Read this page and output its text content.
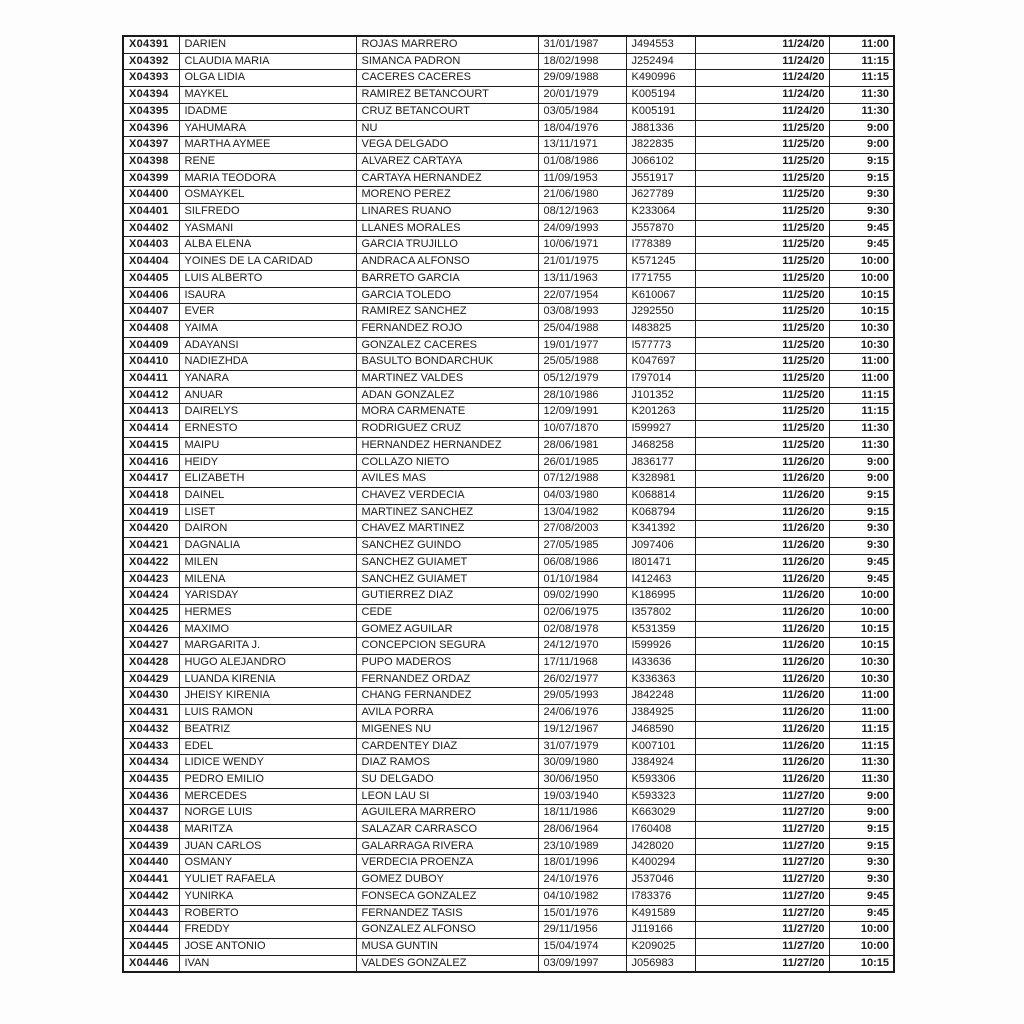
X04391	DARIEN	ROJAS MARRERO	31/01/1987	J494553	11/24/20	11:00
X04392	CLAUDIA MARIA	SIMANCA PADRON	18/02/1998	J252494	11/24/20	11:15
X04393	OLGA LIDIA	CACERES CACERES	29/09/1988	K490996	11/24/20	11:15
X04394	MAYKEL	RAMIREZ BETANCOURT	20/01/1979	K005194	11/24/20	11:30
X04395	IDADME	CRUZ BETANCOURT	03/05/1984	K005191	11/24/20	11:30
X04396	YAHUMARA	NU	18/04/1976	J881336	11/25/20	9:00
X04397	MARTHA AYMEE	VEGA DELGADO	13/11/1971	J822835	11/25/20	9:00
X04398	RENE	ALVAREZ CARTAYA	01/08/1986	J066102	11/25/20	9:15
X04399	MARIA TEODORA	CARTAYA HERNANDEZ	11/09/1953	J551917	11/25/20	9:15
X04400	OSMAYKEL	MORENO PEREZ	21/06/1980	J627789	11/25/20	9:30
X04401	SILFREDO	LINARES RUANO	08/12/1963	K233064	11/25/20	9:30
X04402	YASMANI	LLANES MORALES	24/09/1993	J557870	11/25/20	9:45
X04403	ALBA ELENA	GARCIA TRUJILLO	10/06/1971	I778389	11/25/20	9:45
X04404	YOINES DE LA CARIDAD	ANDRACA ALFONSO	21/01/1975	K571245	11/25/20	10:00
X04405	LUIS ALBERTO	BARRETO GARCIA	13/11/1963	I771755	11/25/20	10:00
X04406	ISAURA	GARCIA TOLEDO	22/07/1954	K610067	11/25/20	10:15
X04407	EVER	RAMIREZ SANCHEZ	03/08/1993	J292550	11/25/20	10:15
X04408	YAIMA	FERNANDEZ ROJO	25/04/1988	I483825	11/25/20	10:30
X04409	ADAYANSI	GONZALEZ CACERES	19/01/1977	I577773	11/25/20	10:30
X04410	NADIEZHDA	BASULTO BONDARCHUK	25/05/1988	K047697	11/25/20	11:00
X04411	YANARA	MARTINEZ VALDES	05/12/1979	I797014	11/25/20	11:00
X04412	ANUAR	ADAN GONZALEZ	28/10/1986	J101352	11/25/20	11:15
X04413	DAIRELYS	MORA CARMENATE	12/09/1991	K201263	11/25/20	11:15
X04414	ERNESTO	RODRIGUEZ CRUZ	10/07/1870	I599927	11/25/20	11:30
X04415	MAIPU	HERNANDEZ HERNANDEZ	28/06/1981	J468258	11/25/20	11:30
X04416	HEIDY	COLLAZO NIETO	26/01/1985	J836177	11/26/20	9:00
X04417	ELIZABETH	AVILES MAS	07/12/1988	K328981	11/26/20	9:00
X04418	DAINEL	CHAVEZ VERDECIA	04/03/1980	K068814	11/26/20	9:15
X04419	LISET	MARTINEZ SANCHEZ	13/04/1982	K068794	11/26/20	9:15
X04420	DAIRON	CHAVEZ MARTINEZ	27/08/2003	K341392	11/26/20	9:30
X04421	DAGNALIA	SANCHEZ GUINDO	27/05/1985	J097406	11/26/20	9:30
X04422	MILEN	SANCHEZ GUIAMET	06/08/1986	I801471	11/26/20	9:45
X04423	MILENA	SANCHEZ GUIAMET	01/10/1984	I412463	11/26/20	9:45
X04424	YARISDAY	GUTIERREZ DIAZ	09/02/1990	K186995	11/26/20	10:00
X04425	HERMES	CEDE	02/06/1975	I357802	11/26/20	10:00
X04426	MAXIMO	GOMEZ AGUILAR	02/08/1978	K531359	11/26/20	10:15
X04427	MARGARITA J.	CONCEPCION SEGURA	24/12/1970	I599926	11/26/20	10:15
X04428	HUGO ALEJANDRO	PUPO MADEROS	17/11/1968	I433636	11/26/20	10:30
X04429	LUANDA KIRENIA	FERNANDEZ ORDAZ	26/02/1977	K336363	11/26/20	10:30
X04430	JHEISY KIRENIA	CHANG FERNANDEZ	29/05/1993	J842248	11/26/20	11:00
X04431	LUIS RAMON	AVILA PORRA	24/06/1976	J384925	11/26/20	11:00
X04432	BEATRIZ	MIGENES NU	19/12/1967	J468590	11/26/20	11:15
X04433	EDEL	CARDENTEY DIAZ	31/07/1979	K007101	11/26/20	11:15
X04434	LIDICE WENDY	DIAZ RAMOS	30/09/1980	J384924	11/26/20	11:30
X04435	PEDRO EMILIO	SU DELGADO	30/06/1950	K593306	11/26/20	11:30
X04436	MERCEDES	LEON LAU SI	19/03/1940	K593323	11/27/20	9:00
X04437	NORGE LUIS	AGUILERA MARRERO	18/11/1986	K663029	11/27/20	9:00
X04438	MARITZA	SALAZAR CARRASCO	28/06/1964	I760408	11/27/20	9:15
X04439	JUAN CARLOS	GALARRAGA RIVERA	23/10/1989	J428020	11/27/20	9:15
X04440	OSMANY	VERDECIA PROENZA	18/01/1996	K400294	11/27/20	9:30
X04441	YULIET RAFAELA	GOMEZ DUBOY	24/10/1976	J537046	11/27/20	9:30
X04442	YUNIRKA	FONSECA GONZALEZ	04/10/1982	I783376	11/27/20	9:45
X04443	ROBERTO	FERNANDEZ TASIS	15/01/1976	K491589	11/27/20	9:45
X04444	FREDDY	GONZALEZ ALFONSO	29/11/1956	J119166	11/27/20	10:00
X04445	JOSE ANTONIO	MUSA GUNTIN	15/04/1974	K209025	11/27/20	10:00
X04446	IVAN	VALDES GONZALEZ	03/09/1997	J056983	11/27/20	10:15
